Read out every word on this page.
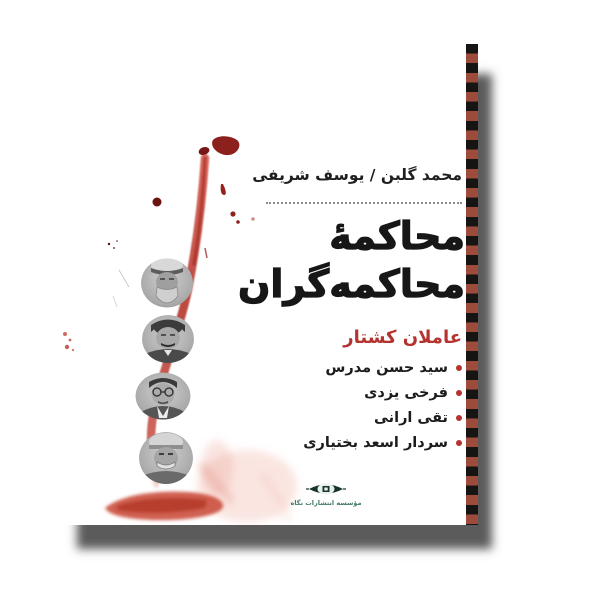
محمد گلبن / یوسف شریفی
محاکمهٔ
محاکمه‌گران
عاملان کشتار
سید حسن مدرس
فرخی یزدی
تقی ارانی
سردار اسعد بختیاری
مؤسسه انتشارات نگاه
